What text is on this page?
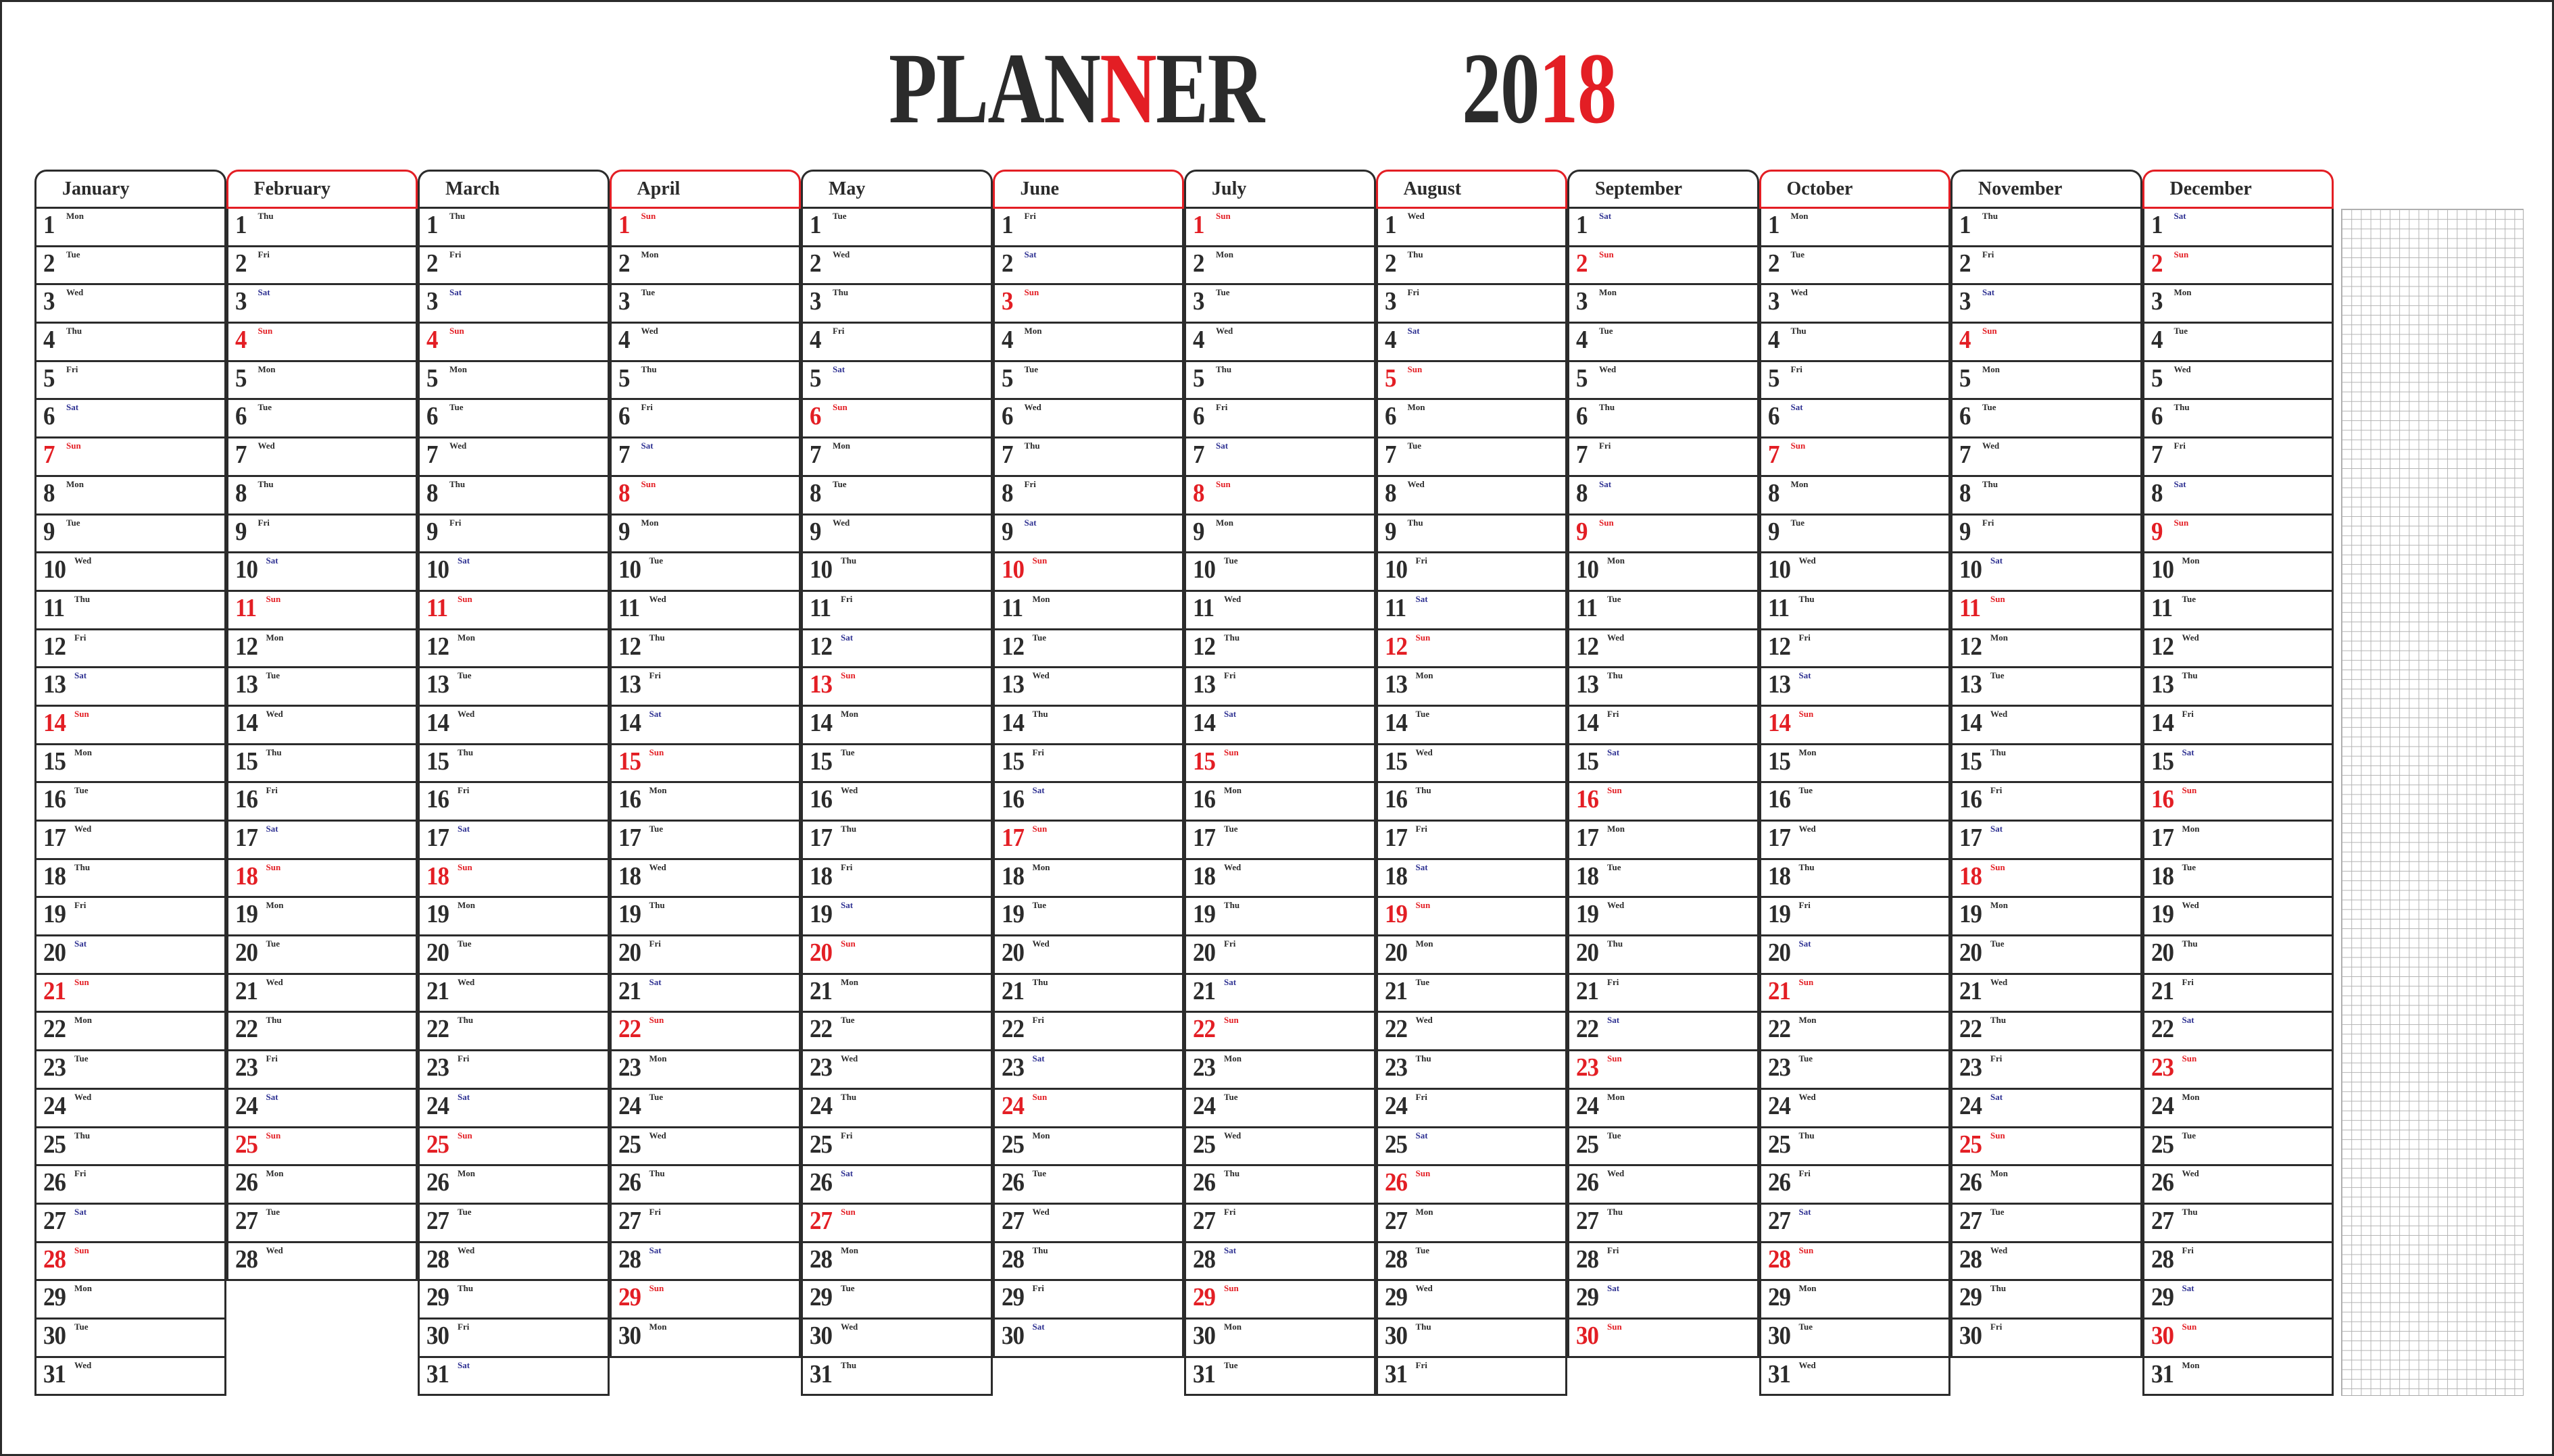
PLANNER 2018
January
1 Mon
2 Tue
3 Wed
4 Thu
5 Fri
6 Sat
7 Sun
8 Mon
9 Tue
10 Wed
11 Thu
12 Fri
13 Sat
14 Sun
15 Mon
16 Tue
17 Wed
18 Thu
19 Fri
20 Sat
21 Sun
22 Mon
23 Tue
24 Wed
25 Thu
26 Fri
27 Sat
28 Sun
29 Mon
30 Tue
31 Wed
February
1 Thu
2 Fri
3 Sat
4 Sun
5 Mon
6 Tue
7 Wed
8 Thu
9 Fri
10 Sat
11 Sun
12 Mon
13 Tue
14 Wed
15 Thu
16 Fri
17 Sat
18 Sun
19 Mon
20 Tue
21 Wed
22 Thu
23 Fri
24 Sat
25 Sun
26 Mon
27 Tue
28 Wed
March
1 Thu
2 Fri
3 Sat
4 Sun
5 Mon
6 Tue
7 Wed
8 Thu
9 Fri
10 Sat
11 Sun
12 Mon
13 Tue
14 Wed
15 Thu
16 Fri
17 Sat
18 Sun
19 Mon
20 Tue
21 Wed
22 Thu
23 Fri
24 Sat
25 Sun
26 Mon
27 Tue
28 Wed
29 Thu
30 Fri
31 Sat
April
1 Sun
2 Mon
3 Tue
4 Wed
5 Thu
6 Fri
7 Sat
8 Sun
9 Mon
10 Tue
11 Wed
12 Thu
13 Fri
14 Sat
15 Sun
16 Mon
17 Tue
18 Wed
19 Thu
20 Fri
21 Sat
22 Sun
23 Mon
24 Tue
25 Wed
26 Thu
27 Fri
28 Sat
29 Sun
30 Mon
May
1 Tue
2 Wed
3 Thu
4 Fri
5 Sat
6 Sun
7 Mon
8 Tue
9 Wed
10 Thu
11 Fri
12 Sat
13 Sun
14 Mon
15 Tue
16 Wed
17 Thu
18 Fri
19 Sat
20 Sun
21 Mon
22 Tue
23 Wed
24 Thu
25 Fri
26 Sat
27 Sun
28 Mon
29 Tue
30 Wed
31 Thu
June
1 Fri
2 Sat
3 Sun
4 Mon
5 Tue
6 Wed
7 Thu
8 Fri
9 Sat
10 Sun
11 Mon
12 Tue
13 Wed
14 Thu
15 Fri
16 Sat
17 Sun
18 Mon
19 Tue
20 Wed
21 Thu
22 Fri
23 Sat
24 Sun
25 Mon
26 Tue
27 Wed
28 Thu
29 Fri
30 Sat
July
1 Sun
2 Mon
3 Tue
4 Wed
5 Thu
6 Fri
7 Sat
8 Sun
9 Mon
10 Tue
11 Wed
12 Thu
13 Fri
14 Sat
15 Sun
16 Mon
17 Tue
18 Wed
19 Thu
20 Fri
21 Sat
22 Sun
23 Mon
24 Tue
25 Wed
26 Thu
27 Fri
28 Sat
29 Sun
30 Mon
31 Tue
August
1 Wed
2 Thu
3 Fri
4 Sat
5 Sun
6 Mon
7 Tue
8 Wed
9 Thu
10 Fri
11 Sat
12 Sun
13 Mon
14 Tue
15 Wed
16 Thu
17 Fri
18 Sat
19 Sun
20 Mon
21 Tue
22 Wed
23 Thu
24 Fri
25 Sat
26 Sun
27 Mon
28 Tue
29 Wed
30 Thu
31 Fri
September
1 Sat
2 Sun
3 Mon
4 Tue
5 Wed
6 Thu
7 Fri
8 Sat
9 Sun
10 Mon
11 Tue
12 Wed
13 Thu
14 Fri
15 Sat
16 Sun
17 Mon
18 Tue
19 Wed
20 Thu
21 Fri
22 Sat
23 Sun
24 Mon
25 Tue
26 Wed
27 Thu
28 Fri
29 Sat
30 Sun
October
1 Mon
2 Tue
3 Wed
4 Thu
5 Fri
6 Sat
7 Sun
8 Mon
9 Tue
10 Wed
11 Thu
12 Fri
13 Sat
14 Sun
15 Mon
16 Tue
17 Wed
18 Thu
19 Fri
20 Sat
21 Sun
22 Mon
23 Tue
24 Wed
25 Thu
26 Fri
27 Sat
28 Sun
29 Mon
30 Tue
31 Wed
November
1 Thu
2 Fri
3 Sat
4 Sun
5 Mon
6 Tue
7 Wed
8 Thu
9 Fri
10 Sat
11 Sun
12 Mon
13 Tue
14 Wed
15 Thu
16 Fri
17 Sat
18 Sun
19 Mon
20 Tue
21 Wed
22 Thu
23 Fri
24 Sat
25 Sun
26 Mon
27 Tue
28 Wed
29 Thu
30 Fri
December
1 Sat
2 Sun
3 Mon
4 Tue
5 Wed
6 Thu
7 Fri
8 Sat
9 Sun
10 Mon
11 Tue
12 Wed
13 Thu
14 Fri
15 Sat
16 Sun
17 Mon
18 Tue
19 Wed
20 Thu
21 Fri
22 Sat
23 Sun
24 Mon
25 Tue
26 Wed
27 Thu
28 Fri
29 Sat
30 Sun
31 Mon
